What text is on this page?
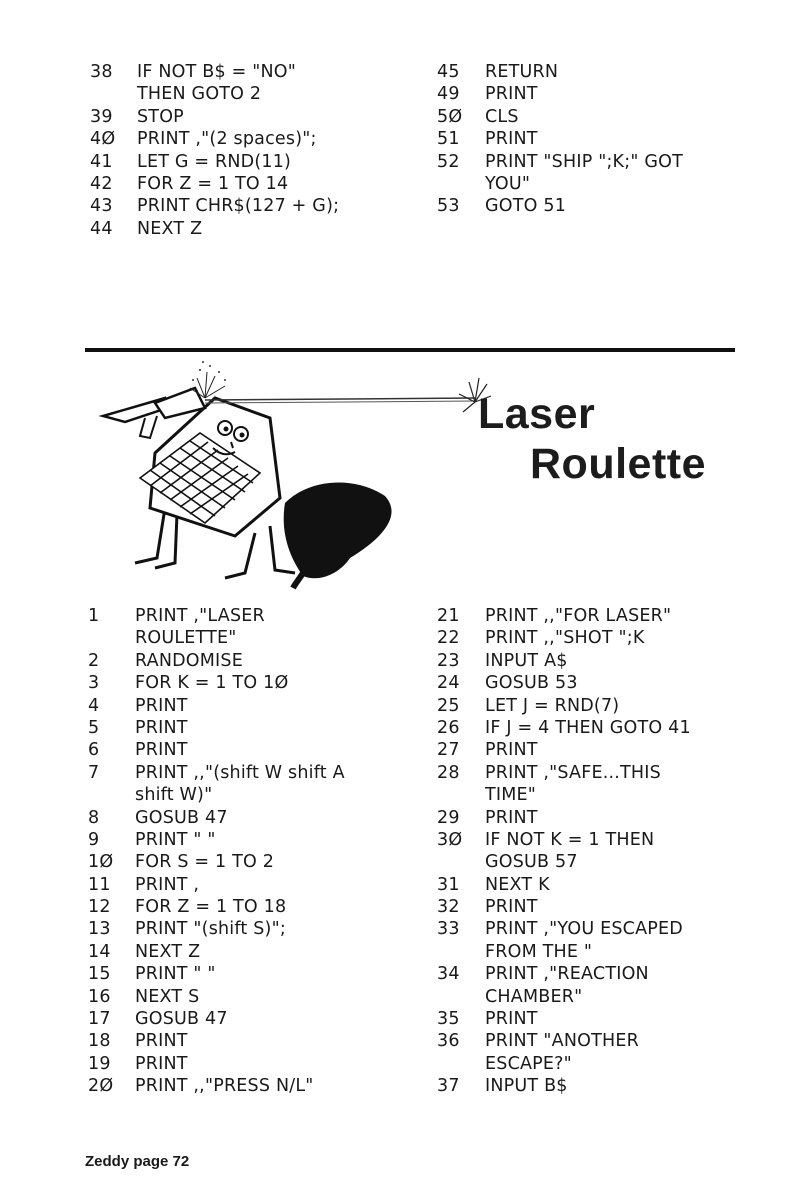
38 IF NOT B$ = "NO"
THEN GOTO 2
39 STOP
4Ø PRINT ,"(2 spaces)";
41 LET G = RND(11)
42 FOR Z = 1 TO 14
43 PRINT CHR$(127 + G);
44 NEXT Z
45 RETURN
49 PRINT
5Ø CLS
51 PRINT
52 PRINT "SHIP ";K;" GOT
YOU"
53 GOTO 51
Laser
Roulette
1 PRINT ,"LASER
ROULETTE"
2 RANDOMISE
3 FOR K = 1 TO 1Ø
4 PRINT
5 PRINT
6 PRINT
7 PRINT ,,"(shift W shift A
shift W)"
8 GOSUB 47
9 PRINT " "
1Ø FOR S = 1 TO 2
11 PRINT ,
12 FOR Z = 1 TO 18
13 PRINT "(shift S)";
14 NEXT Z
15 PRINT " "
16 NEXT S
17 GOSUB 47
18 PRINT
19 PRINT
2Ø PRINT ,,"PRESS N/L"
21 PRINT ,,"FOR LASER"
22 PRINT ,,"SHOT ";K
23 INPUT A$
24 GOSUB 53
25 LET J = RND(7)
26 IF J = 4 THEN GOTO 41
27 PRINT
28 PRINT ,"SAFE...THIS
TIME"
29 PRINT
3Ø IF NOT K = 1 THEN
GOSUB 57
31 NEXT K
32 PRINT
33 PRINT ,"YOU ESCAPED
FROM THE "
34 PRINT ,"REACTION
CHAMBER"
35 PRINT
36 PRINT "ANOTHER
ESCAPE?"
37 INPUT B$
Zeddy page 72
